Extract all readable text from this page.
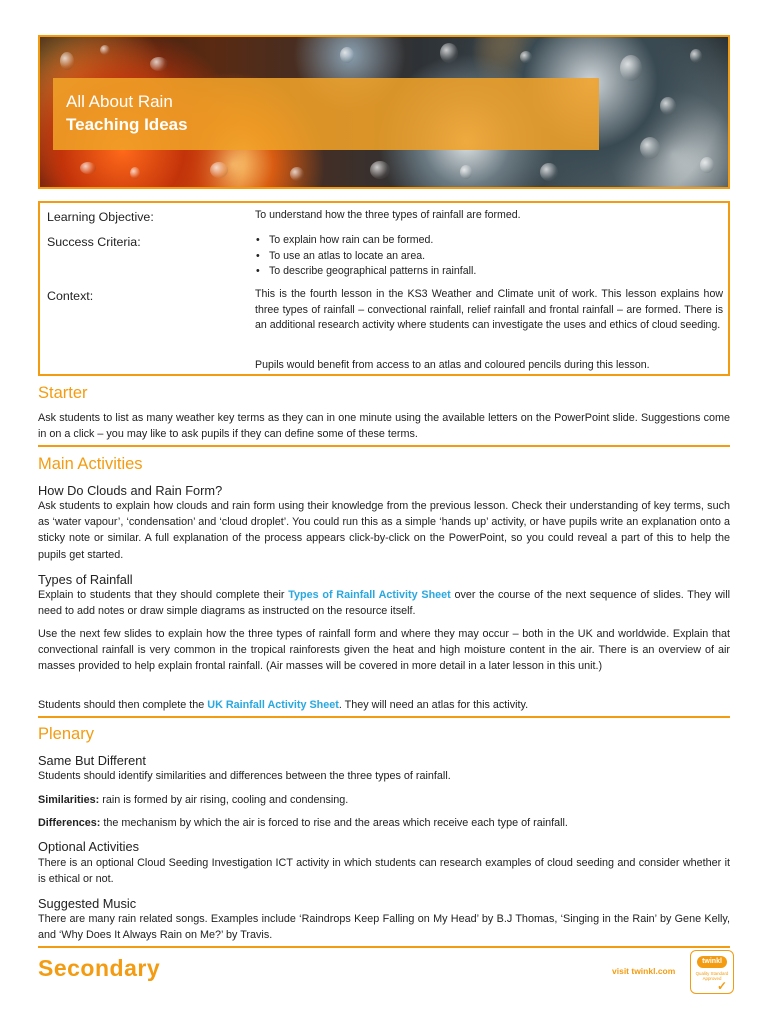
All About Rain
Teaching Ideas
Learning Objective:	To understand how the three types of rainfall are formed.
Success Criteria:
•	To explain how rain can be formed.
• To use an atlas to locate an area.
• To describe geographical patterns in rainfall.
Context:	This is the fourth lesson in the KS3 Weather and Climate unit of work. This lesson explains how three types of rainfall – convectional rainfall, relief rainfall and frontal rainfall – are formed. There is an additional research activity where students can investigate the uses and ethics of cloud seeding.
Pupils would benefit from access to an atlas and coloured pencils during this lesson.
Starter
Ask students to list as many weather key terms as they can in one minute using the available letters on the PowerPoint slide. Suggestions come in on a click – you may like to ask pupils if they can define some of these terms.
Main Activities
How Do Clouds and Rain Form?
Ask students to explain how clouds and rain form using their knowledge from the previous lesson. Check their understanding of key terms, such as ‘water vapour’, ‘condensation’ and ‘cloud droplet’. You could run this as a simple ‘hands up’ activity, or have pupils write an explanation onto a sticky note or similar. A full explanation of the process appears click-by-click on the PowerPoint, so you could reveal a part of this to help the pupils get started.
Types of Rainfall
Explain to students that they should complete their Types of Rainfall Activity Sheet over the course of the next sequence of slides. They will need to add notes or draw simple diagrams as instructed on the resource itself.
Use the next few slides to explain how the three types of rainfall form and where they may occur – both in the UK and worldwide. Explain that convectional rainfall is very common in the tropical rainforests given the heat and high moisture content in the air. There is an overview of air masses provided to help explain frontal rainfall. (Air masses will be covered in more detail in a later lesson in this unit.)
Students should then complete the UK Rainfall Activity Sheet. They will need an atlas for this activity.
Plenary
Same But Different
Students should identify similarities and differences between the three types of rainfall.
Similarities: rain is formed by air rising, cooling and condensing.
Differences: the mechanism by which the air is forced to rise and the areas which receive each type of rainfall.
Optional Activities
There is an optional Cloud Seeding Investigation ICT activity in which students can research examples of cloud seeding and consider whether it is ethical or not.
Suggested Music
There are many rain related songs. Examples include ‘Raindrops Keep Falling on My Head’ by B.J Thomas, ‘Singing in the Rain’ by Gene Kelly, and ‘Why Does It Always Rain on Me?’ by Travis.
Secondary	visit twinkl.com
twinkl
Quality Standard Approved
✓
